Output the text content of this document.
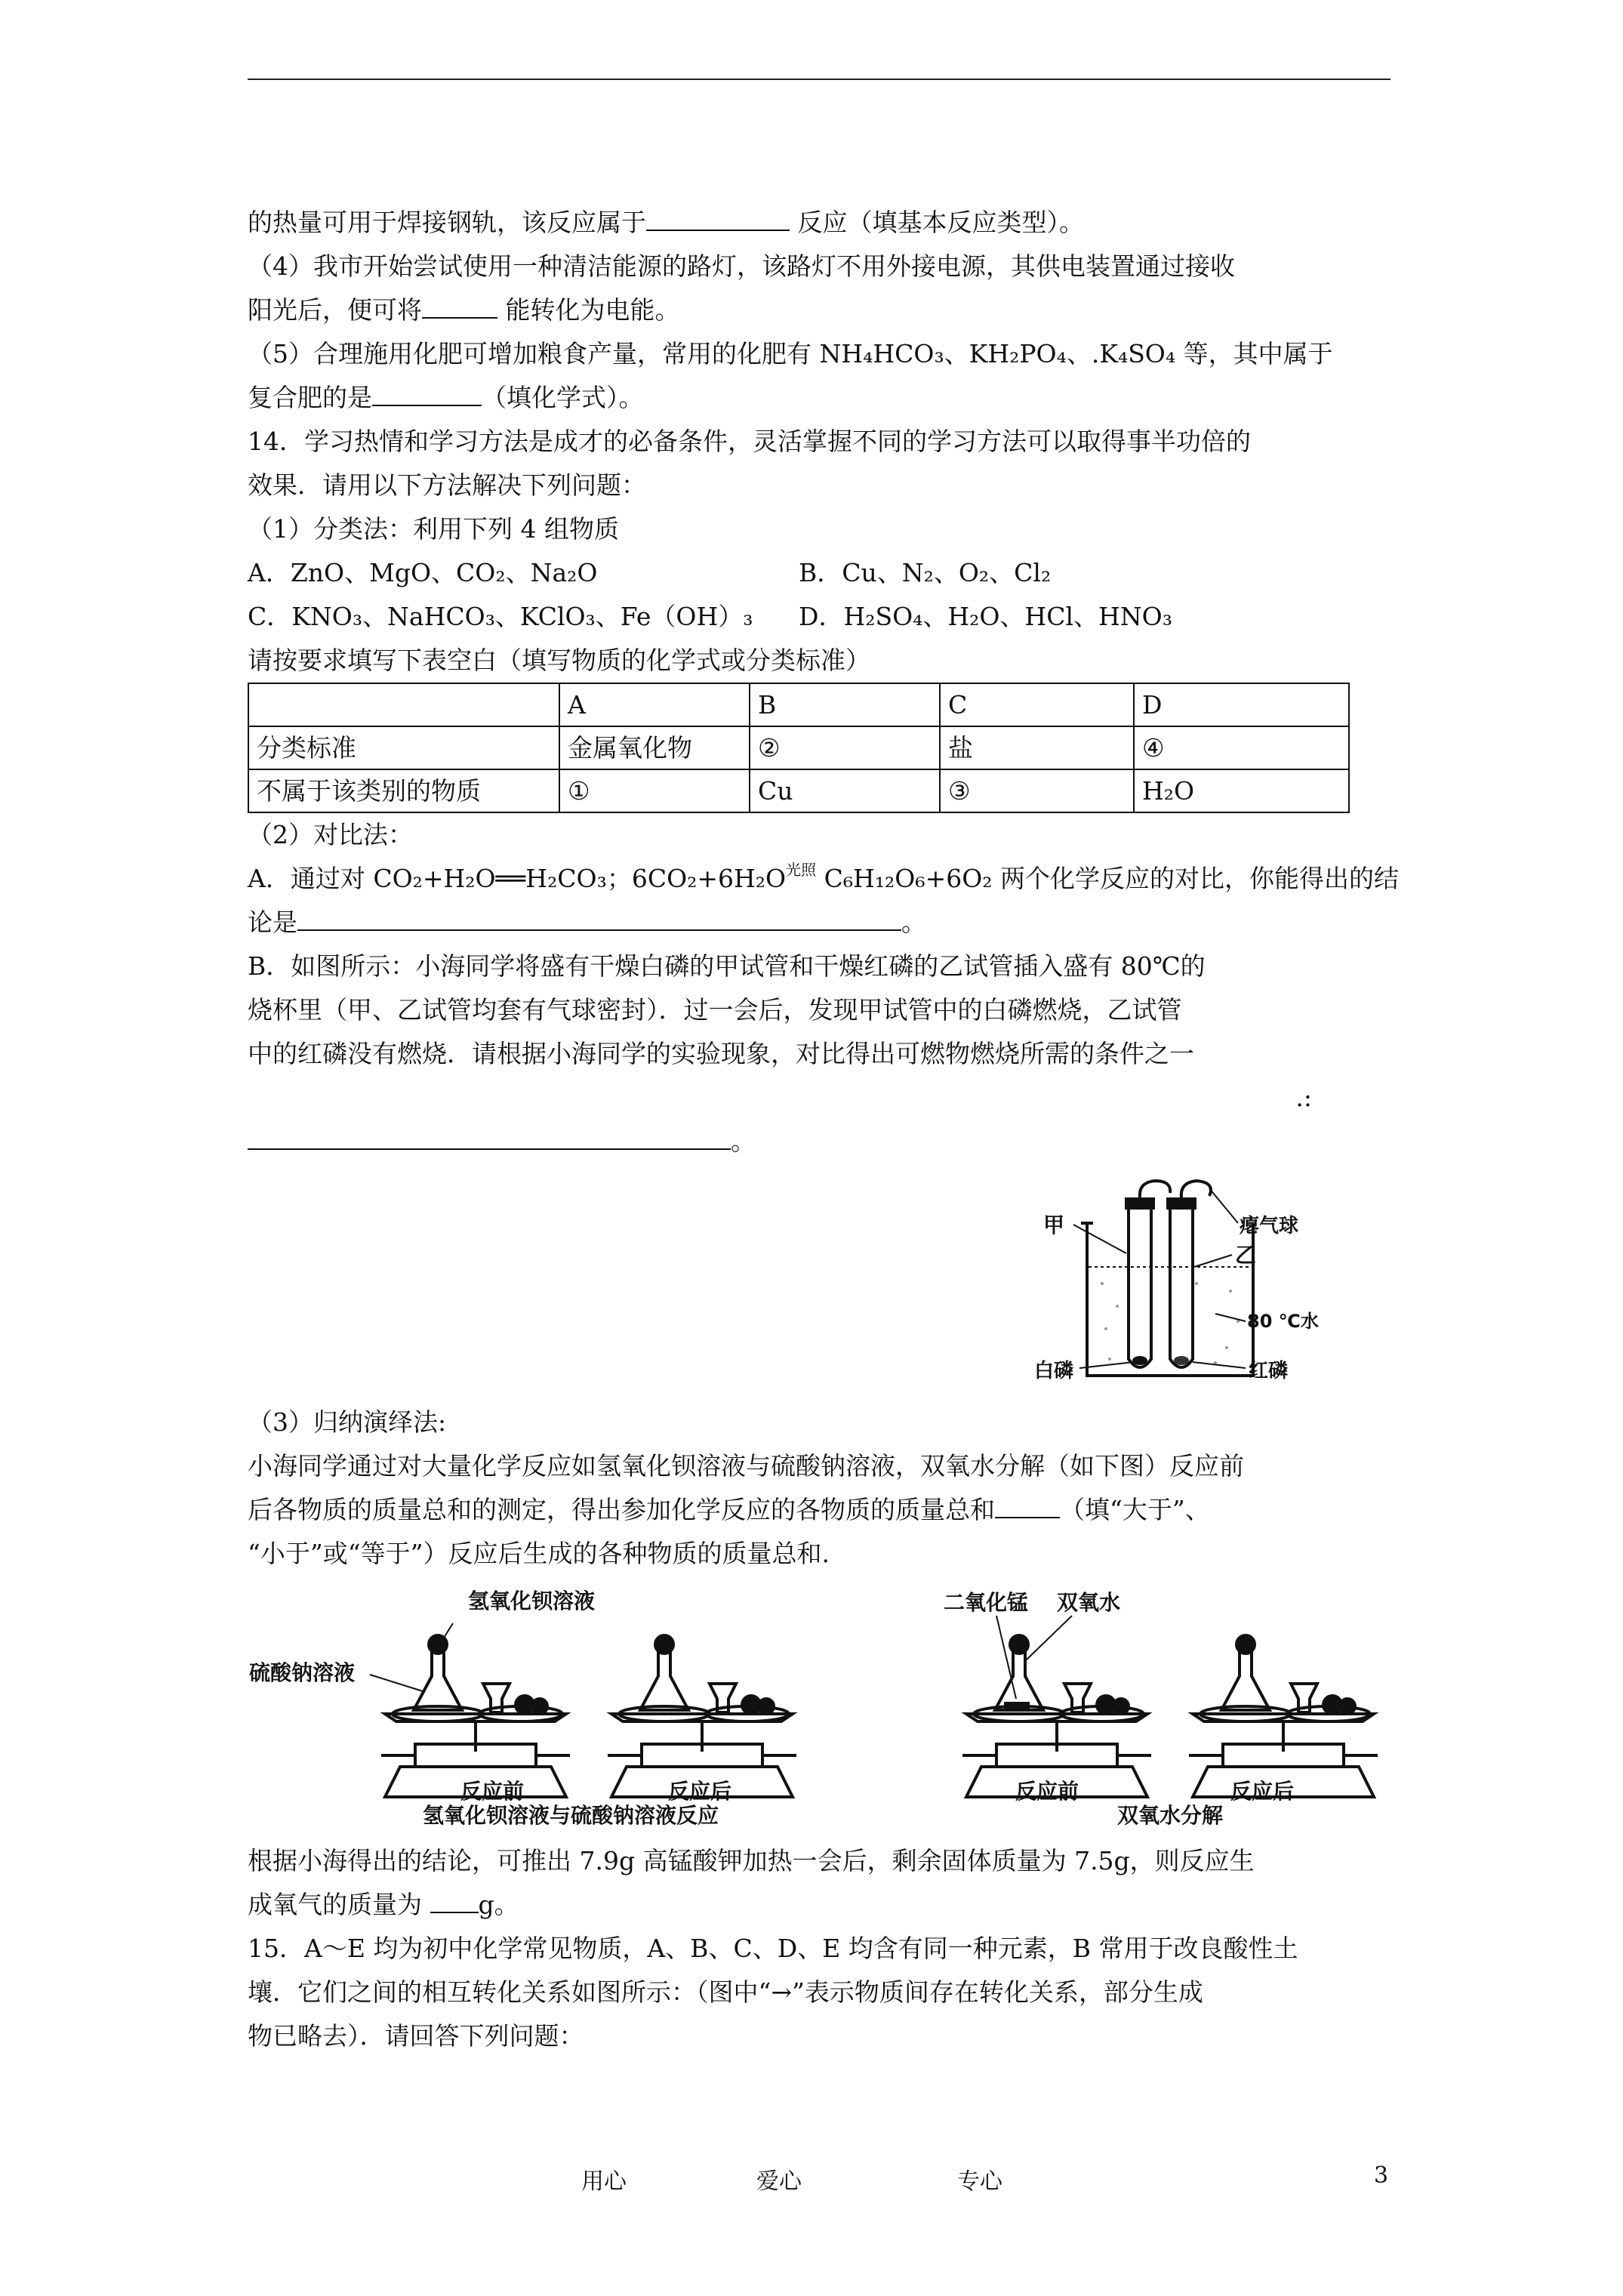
的热量可用于焊接钢轨，该反应属于	反应（填基本反应类型）。
（4）我市开始尝试使用一种清洁能源的路灯，该路灯不用外接电源，其供电装置通过接收
阳光后，便可将	能转化为电能。
（5）合理施用化肥可增加粮食产量，常用的化肥有 NH₄HCO₃、KH₂PO₄、.K₄SO₄ 等，其中属于
复合肥的是	（填化学式）。
14．学习热情和学习方法是成才的必备条件，灵活掌握不同的学习方法可以取得事半功倍的
效果．请用以下方法解决下列问题：
（1）分类法：利用下列 4 组物质
A．ZnO、MgO、CO₂、Na₂O	B．Cu、N₂、O₂、Cl₂
C．KNO₃、NaHCO₃、KClO₃、Fe（OH）₃	D．H₂SO₄、H₂O、HCl、HNO₃
请按要求填写下表空白（填写物质的化学式或分类标准）
	A	B	C	D
分类标准	金属氧化物	②	盐	④
不属于该类别的物质	①	Cu	③	H₂O
（2）对比法：
A．通过对 CO₂+H₂O══H₂CO₃；$6CO_2+6H_2O^{光照}$ C₆H₁₂O₆+6O₂ 两个化学反应的对比，你能得出的结
论是	。
B．如图所示：小海同学将盛有干燥白磷的甲试管和干燥红磷的乙试管插入盛有 80℃的
烧杯里（甲、乙试管均套有气球密封）．过一会后，发现甲试管中的白磷燃烧，乙试管
中的红磷没有燃烧．请根据小海同学的实验现象，对比得出可燃物燃烧所需的条件之一
.:
。
甲	瘪气球
乙
80 ℃水
白磷	红磷
（3）归纳演绎法:
小海同学通过对大量化学反应如氢氧化钡溶液与硫酸钠溶液，双氧水分解（如下图）反应前
后各物质的质量总和的测定，得出参加化学反应的各物质的质量总和	（填“大于”、
“小于”或“等于”）反应后生成的各种物质的质量总和.
氢氧化钡溶液
硫酸钠溶液
反应前	反应后
氢氧化钡溶液与硫酸钠溶液反应
二氧化锰 双氧水
反应前	反应后
双氧水分解
根据小海得出的结论，可推出 7.9g 高锰酸钾加热一会后，剩余固体质量为 7.5g，则反应生
成氧气的质量为 g。
15．A～E 均为初中化学常见物质，A、B、C、D、E 均含有同一种元素，B 常用于改良酸性土
壤．它们之间的相互转化关系如图所示：（图中“→”表示物质间存在转化关系，部分生成
物已略去）．请回答下列问题：
用心	爱心	专心	3
